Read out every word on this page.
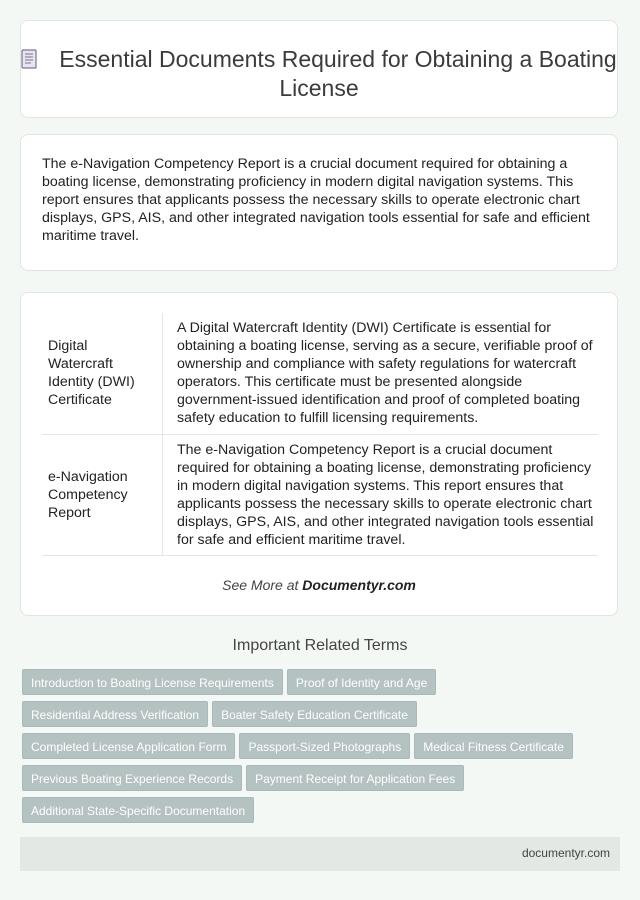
Essential Documents Required for Obtaining a Boating License
The e-Navigation Competency Report is a crucial document required for obtaining a boating license, demonstrating proficiency in modern digital navigation systems. This report ensures that applicants possess the necessary skills to operate electronic chart displays, GPS, AIS, and other integrated navigation tools essential for safe and efficient maritime travel.
Digital Watercraft Identity (DWI) Certificate	A Digital Watercraft Identity (DWI) Certificate is essential for obtaining a boating license, serving as a secure, verifiable proof of ownership and compliance with safety regulations for watercraft operators. This certificate must be presented alongside government-issued identification and proof of completed boating safety education to fulfill licensing requirements.
e-Navigation Competency Report	The e-Navigation Competency Report is a crucial document required for obtaining a boating license, demonstrating proficiency in modern digital navigation systems. This report ensures that applicants possess the necessary skills to operate electronic chart displays, GPS, AIS, and other integrated navigation tools essential for safe and efficient maritime travel.
See More at Documentyr.com
Important Related Terms
Introduction to Boating License Requirements Proof of Identity and Age
Residential Address Verification Boater Safety Education Certificate
Completed License Application Form Passport-Sized Photographs Medical Fitness Certificate
Previous Boating Experience Records Payment Receipt for Application Fees
Additional State-Specific Documentation
documentyr.com
